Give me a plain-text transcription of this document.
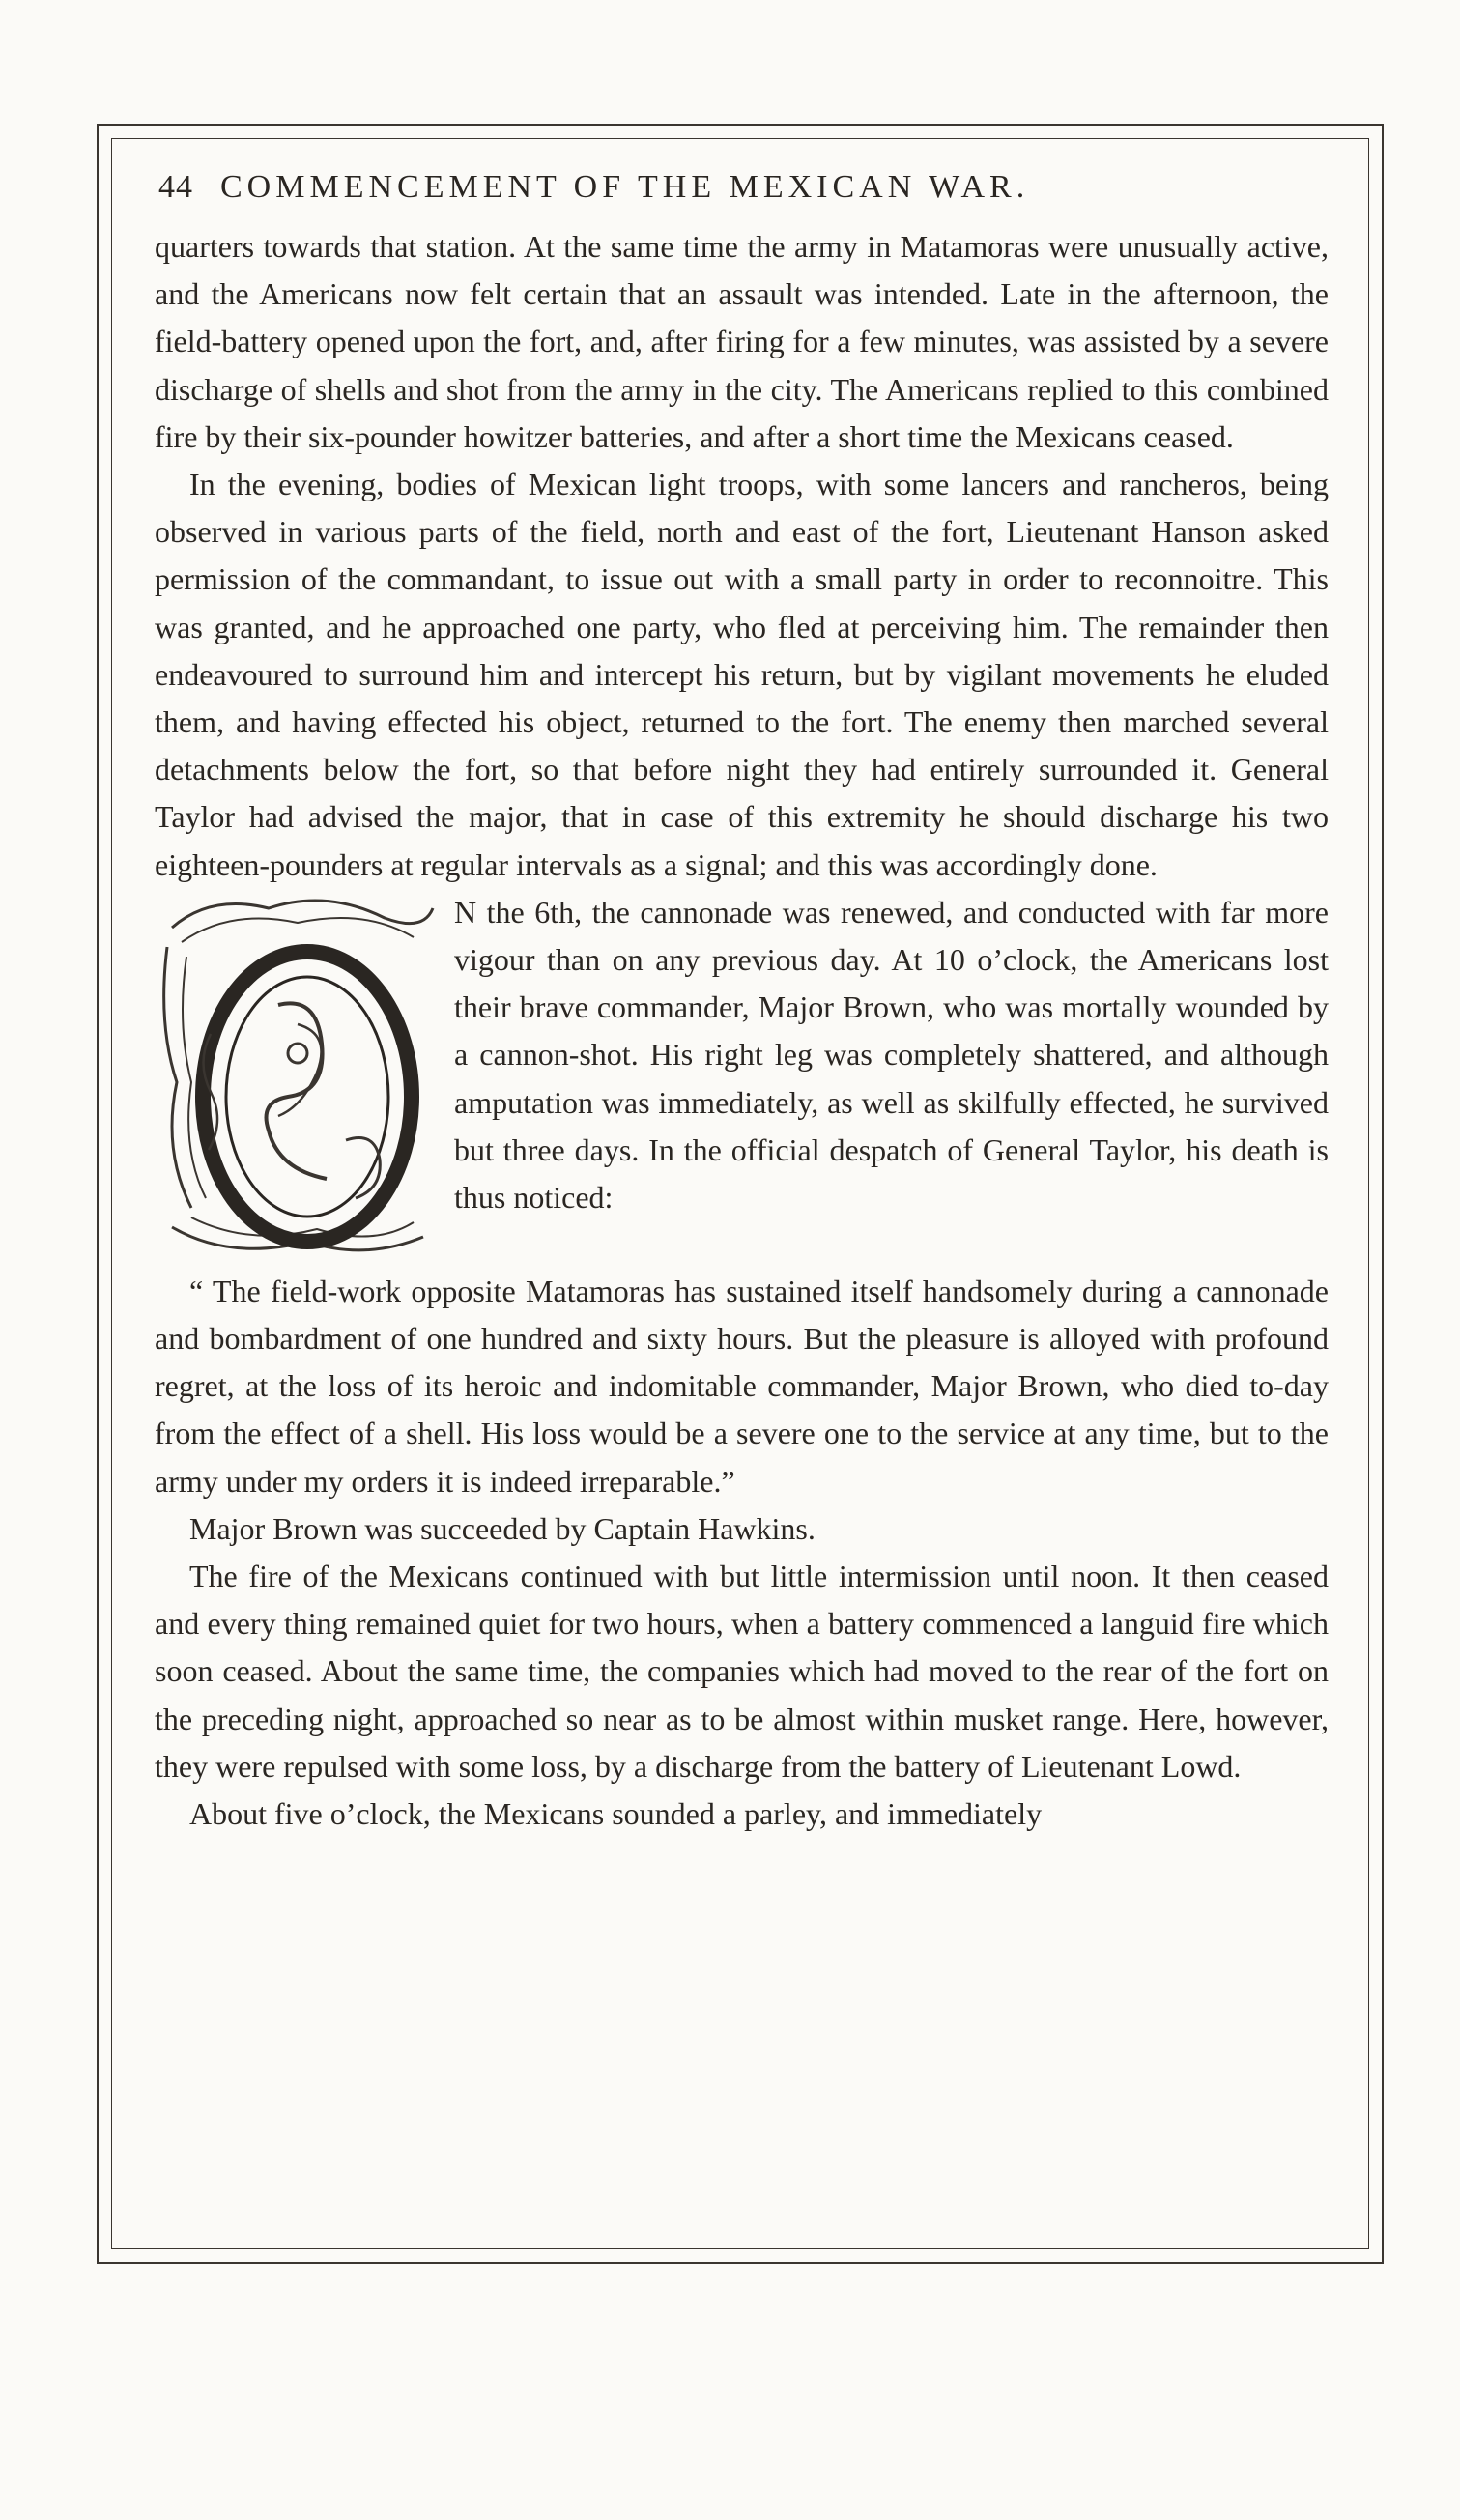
44 COMMENCEMENT OF THE MEXICAN WAR.

quarters towards that station. At the same time the army in Matamoras were unusually active, and the Americans now felt certain that an assault was intended. Late in the afternoon, the field-battery opened upon the fort, and, after firing for a few minutes, was assisted by a severe discharge of shells and shot from the army in the city. The Americans replied to this combined fire by their six-pounder howitzer batteries, and after a short time the Mexicans ceased.

In the evening, bodies of Mexican light troops, with some lancers and rancheros, being observed in various parts of the field, north and east of the fort, Lieutenant Hanson asked permission of the commandant, to issue out with a small party in order to reconnoitre. This was granted, and he approached one party, who fled at perceiving him. The remainder then endeavoured to surround him and intercept his return, but by vigilant movements he eluded them, and having effected his object, returned to the fort. The enemy then marched several detachments below the fort, so that before night they had entirely surrounded it. General Taylor had advised the major, that in case of this extremity he should discharge his two eighteen-pounders at regular intervals as a signal; and this was accordingly done.

N the 6th, the cannonade was renewed, and conducted with far more vigour than on any previous day. At 10 o’clock, the Americans lost their brave commander, Major Brown, who was mortally wounded by a cannon-shot. His right leg was completely shattered, and although amputation was immediately, as well as skilfully effected, he survived but three days. In the official despatch of General Taylor, his death is thus noticed:

“ The field-work opposite Matamoras has sustained itself handsomely during a cannonade and bombardment of one hundred and sixty hours. But the pleasure is alloyed with profound regret, at the loss of its heroic and indomitable commander, Major Brown, who died to-day from the effect of a shell. His loss would be a severe one to the service at any time, but to the army under my orders it is indeed irreparable.”

Major Brown was succeeded by Captain Hawkins.

The fire of the Mexicans continued with but little intermission until noon. It then ceased and every thing remained quiet for two hours, when a battery commenced a languid fire which soon ceased. About the same time, the companies which had moved to the rear of the fort on the preceding night, approached so near as to be almost within musket range. Here, however, they were repulsed with some loss, by a discharge from the battery of Lieutenant Lowd.

About five o’clock, the Mexicans sounded a parley, and immediately
